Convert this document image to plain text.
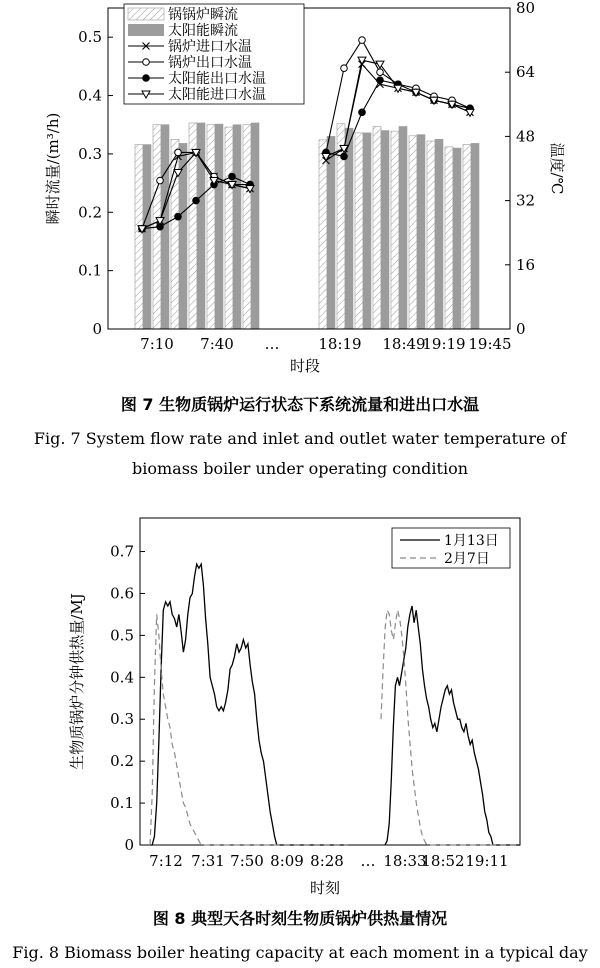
0
0.1
0.2
0.3
0.4
0.5
0
16
32
48
64
80
瞬时流量/(m³/h)	温度/℃
时段
7:10 7:40 …	18:19 18:49
19:19 19:45
锅锅炉瞬流
太阳能瞬流
锅炉进口水温
锅炉出口水温
太阳能出口水温
太阳能进口水温
图 7 生物质锅炉运行状态下系统流量和进出口水温
Fig. 7 System flow rate and inlet and outlet water temperature of
biomass boiler under operating condition
0
0.1
0.2
0.3
0.4
0.5
0.6
0.7
生物质锅炉分钟供热量/MJ
时刻
7:12 7:31 7:50 8:09 8:28 … 18:33
18:52 19:11
1月13日
2月7日
图 8 典型天各时刻生物质锅炉供热量情况
Fig. 8 Biomass boiler heating capacity at each moment in a typical day
